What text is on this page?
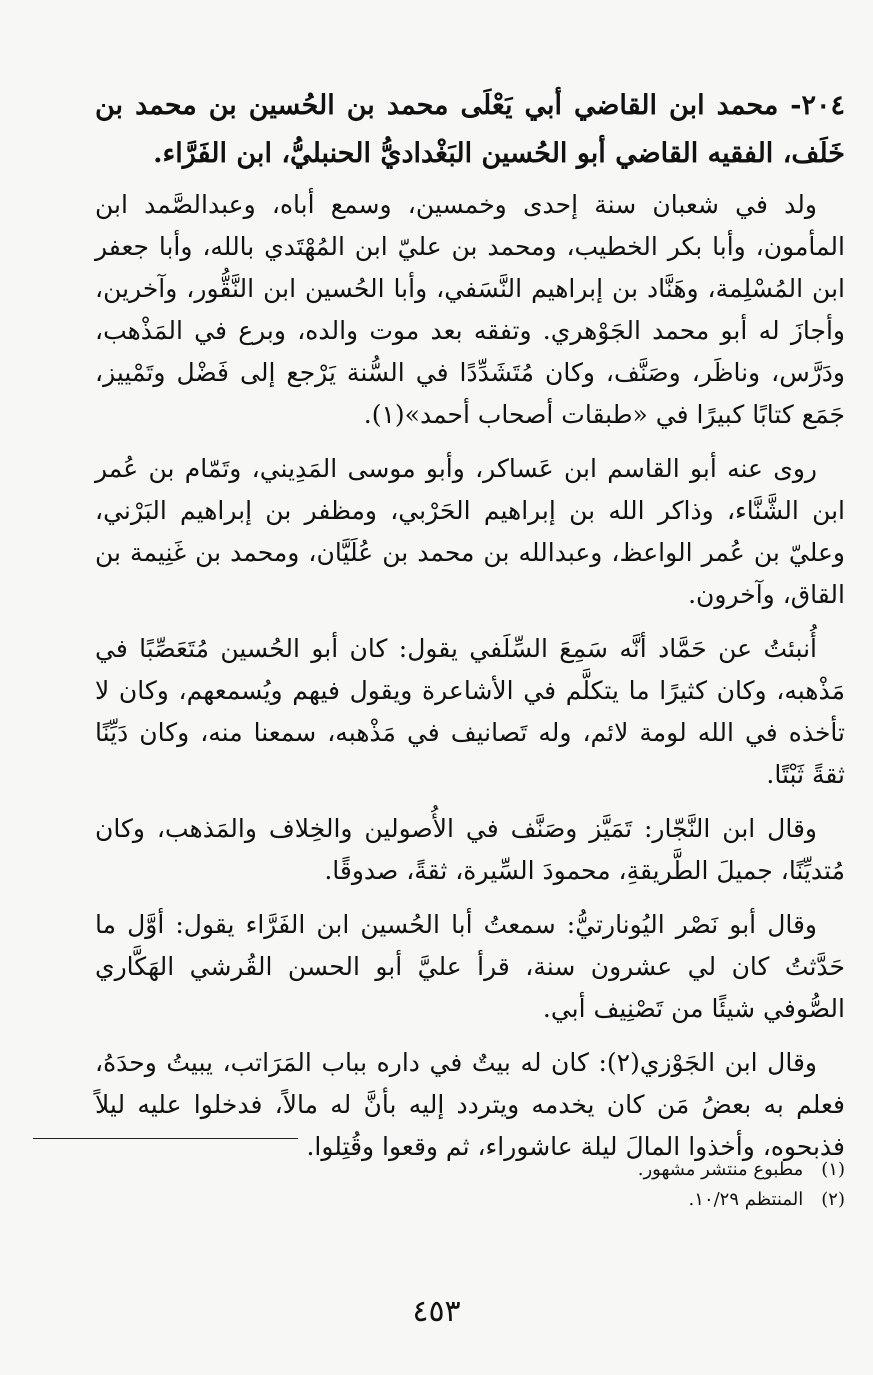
٢٠٤- محمد ابن القاضي أبي يَعْلَى محمد بن الحُسين بن محمد بن خَلَف، الفقيه القاضي أبو الحُسين البَغْداديُّ الحنبليُّ، ابن الفَرَّاء.

ولد في شعبان سنة إحدى وخمسين، وسمع أباه، وعبدالصَّمد ابن المأمون، وأبا بكر الخطيب، ومحمد بن عليّ ابن المُهْتَدي بالله، وأبا جعفر ابن المُسْلِمة، وهَنَّاد بن إبراهيم النَّسَفي، وأبا الحُسين ابن النَّقُّور، وآخرين، وأجازَ له أبو محمد الجَوْهري. وتفقه بعد موت والده، وبرع في المَذْهب، ودَرَّس، وناظَر، وصَنَّف، وكان مُتَشَدِّدًا في السُّنة يَرْجع إلى فَضْل وتَمْييز، جَمَع كتابًا كبيرًا في «طبقات أصحاب أحمد»(١).

روى عنه أبو القاسم ابن عَساكر، وأبو موسى المَدِيني، وتَمّام بن عُمر ابن الشَّنَّاء، وذاكر الله بن إبراهيم الحَرْبي، ومظفر بن إبراهيم البَرْني، وعليّ بن عُمر الواعظ، وعبدالله بن محمد بن عُلَيَّان، ومحمد بن غَنِيمة بن القاق، وآخرون.

أُنبئتُ عن حَمَّاد أنَّه سَمِعَ السِّلَفي يقول: كان أبو الحُسين مُتَعَصِّبًا في مَذْهبه، وكان كثيرًا ما يتكلَّم في الأشاعرة ويقول فيهم ويُسمعهم، وكان لا تأخذه في الله لومة لائم، وله تَصانيف في مَذْهبه، سمعنا منه، وكان دَيِّنًا ثقةً ثَبْتًا.

وقال ابن النَّجّار: تَمَيَّز وصَنَّف في الأُصولين والخِلاف والمَذهب، وكان مُتديِّنًا، جميلَ الطَّريقةِ، محمودَ السِّيرة، ثقةً، صدوقًا.

وقال أبو نَصْر اليُونارتيُّ: سمعتُ أبا الحُسين ابن الفَرَّاء يقول: أوَّل ما حَدَّثتُ كان لي عشرون سنة، قرأ عليَّ أبو الحسن القُرشي الهَكَّاري الصُّوفي شيئًا من تَصْنِيف أبي.

وقال ابن الجَوْزي(٢): كان له بيتٌ في داره بباب المَرَاتب، يبيتُ وحدَهُ، فعلم به بعضُ مَن كان يخدمه ويتردد إليه بأنَّ له مالاً، فدخلوا عليه ليلاً فذبحوه، وأخذوا المالَ ليلة عاشوراء، ثم وقعوا وقُتِلوا.

(١)مطبوع منتشر مشهور.
(٢)المنتظم ١٠/٢٩.
٤٥٣
